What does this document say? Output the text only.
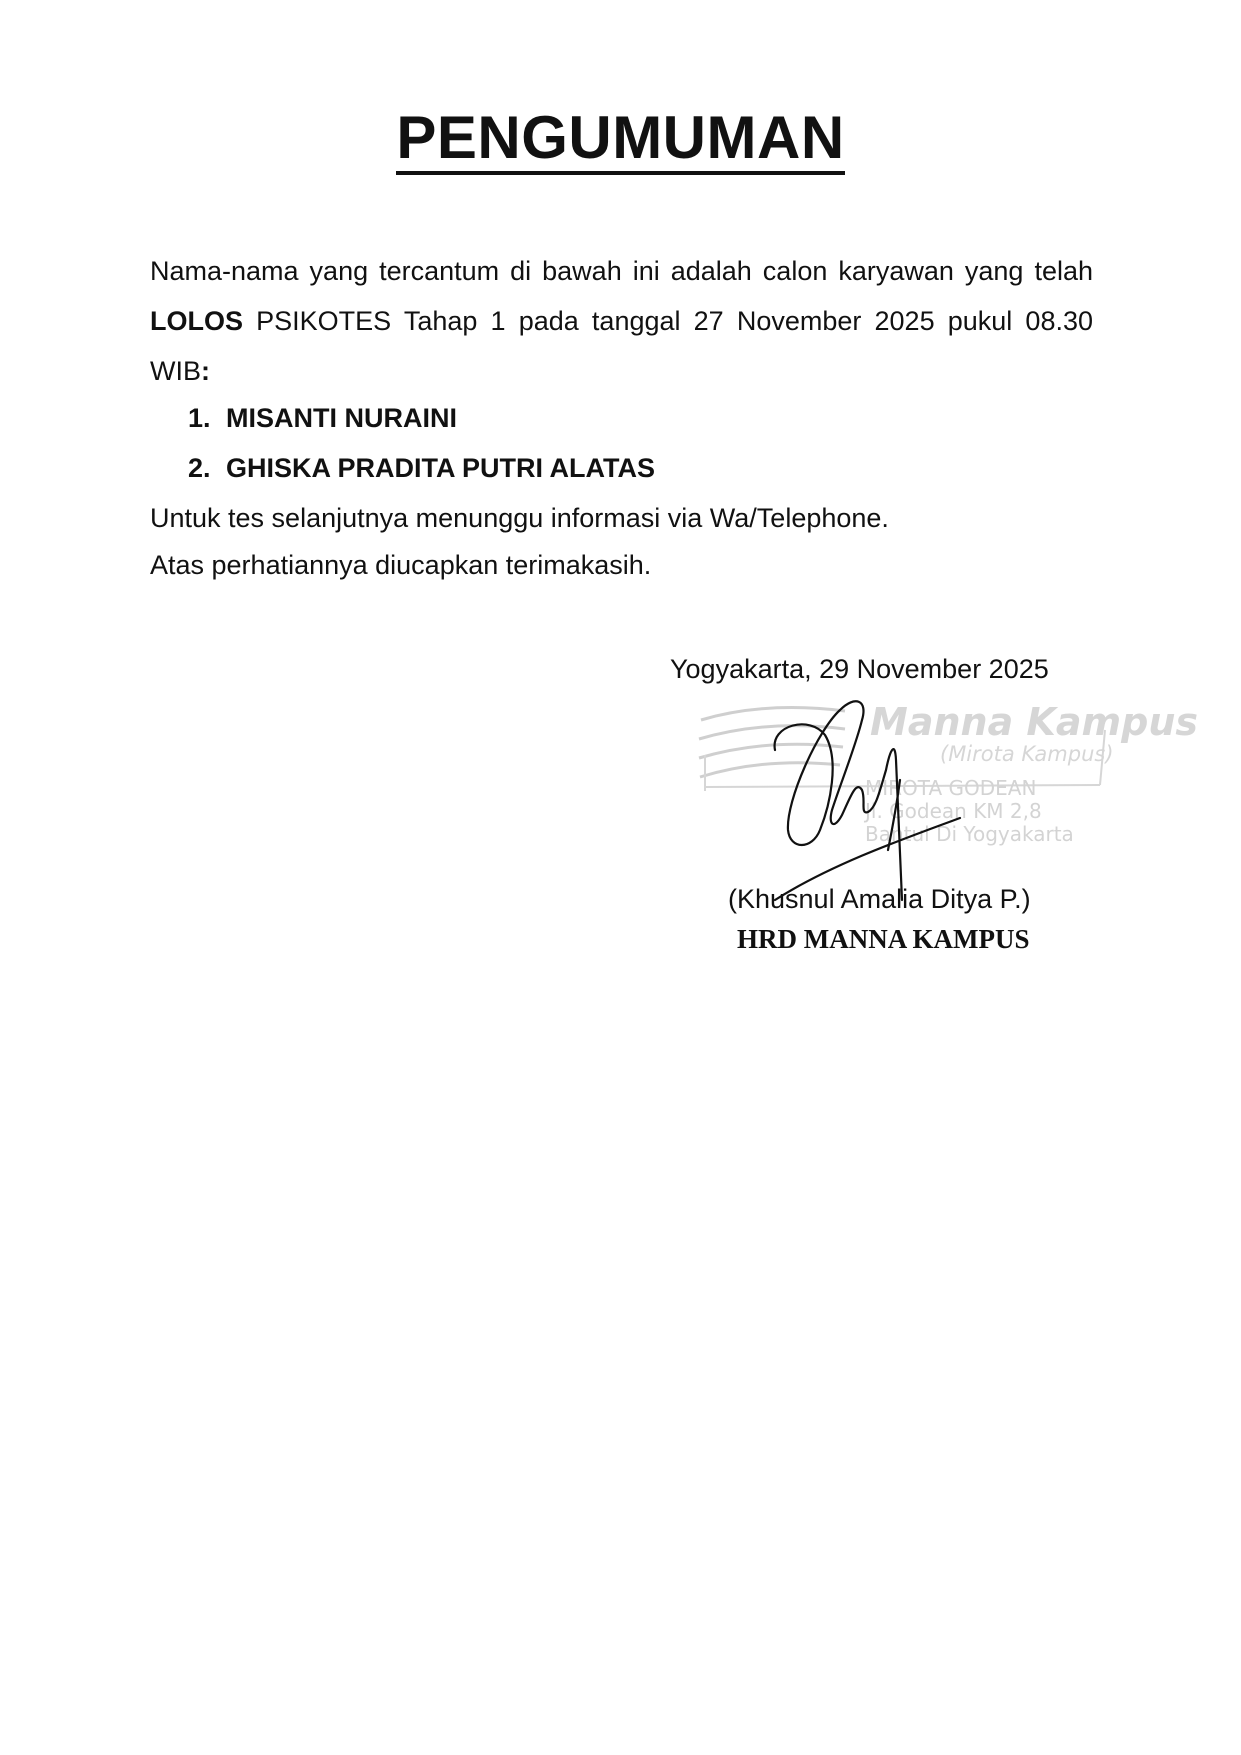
PENGUMUMAN

Nama-nama yang tercantum di bawah ini adalah calon karyawan yang telah LOLOS PSIKOTES Tahap 1 pada tanggal 27 November 2025 pukul 08.30 WIB:

1. MISANTI NURAINI
2. GHISKA PRADITA PUTRI ALATAS

Untuk tes selanjutnya menunggu informasi via Wa/Telephone.

Atas perhatiannya diucapkan terimakasih.

Yogyakarta, 29 November 2025
Manna Kampus
(Mirota Kampus)
MIROTA GODEAN
Jl. Godean KM 2,8
Bantul Di Yogyakarta
(Khusnul Amalia Ditya P.)
HRD MANNA KAMPUS
